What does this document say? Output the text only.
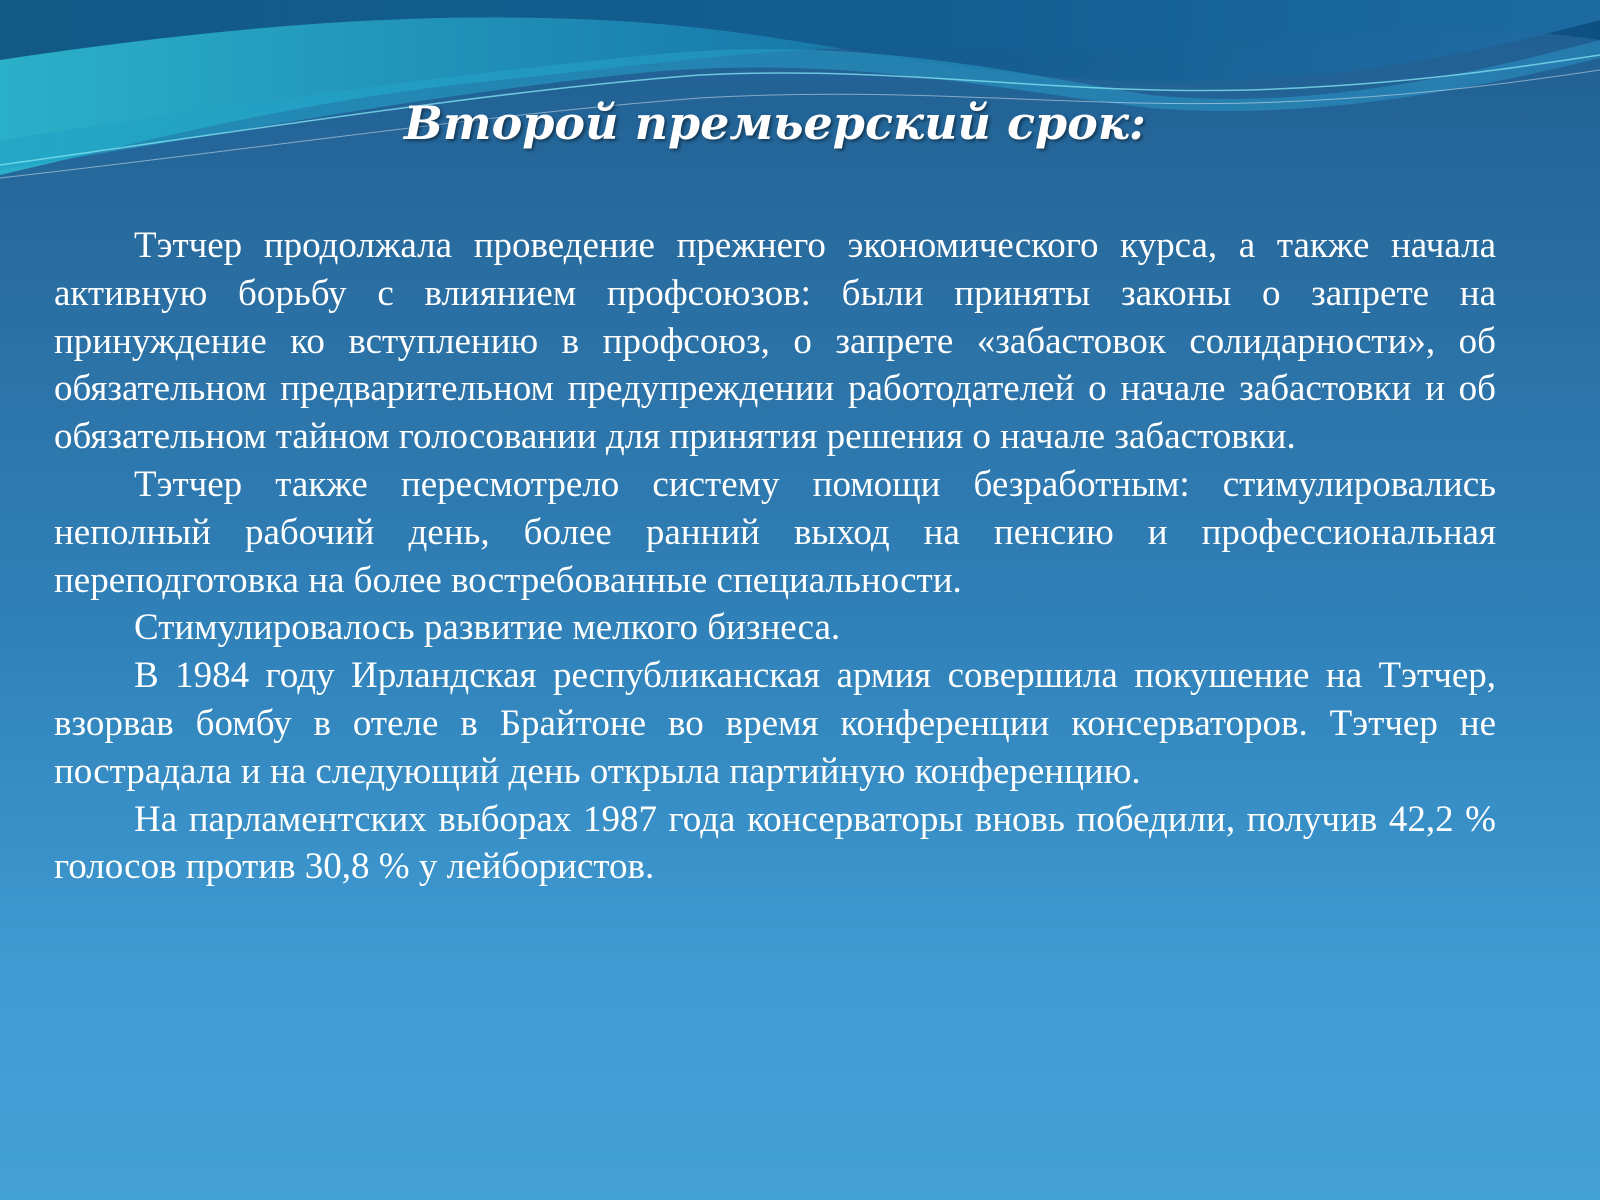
Второй премьерский срок:

Тэтчер продолжала проведение прежнего экономического курса, а также начала активную борьбу с влиянием профсоюзов: были приняты законы о запрете на принуждение ко вступлению в профсоюз, о запрете «забастовок солидарности», об обязательном предварительном предупреждении работодателей о начале забастовки и об обязательном тайном голосовании для принятия решения о начале забастовки.

Тэтчер также пересмотрело систему помощи безработным: стимулировались неполный рабочий день, более ранний выход на пенсию и профессиональная переподготовка на более востребованные специальности.

Стимулировалось развитие мелкого бизнеса.

В 1984 году Ирландская республиканская армия совершила покушение на Тэтчер, взорвав бомбу в отеле в Брайтоне во время конференции консерваторов. Тэтчер не пострадала и на следующий день открыла партийную конференцию.

На парламентских выборах 1987 года консерваторы вновь победили, получив 42,2 % голосов против 30,8 % у лейбористов.
